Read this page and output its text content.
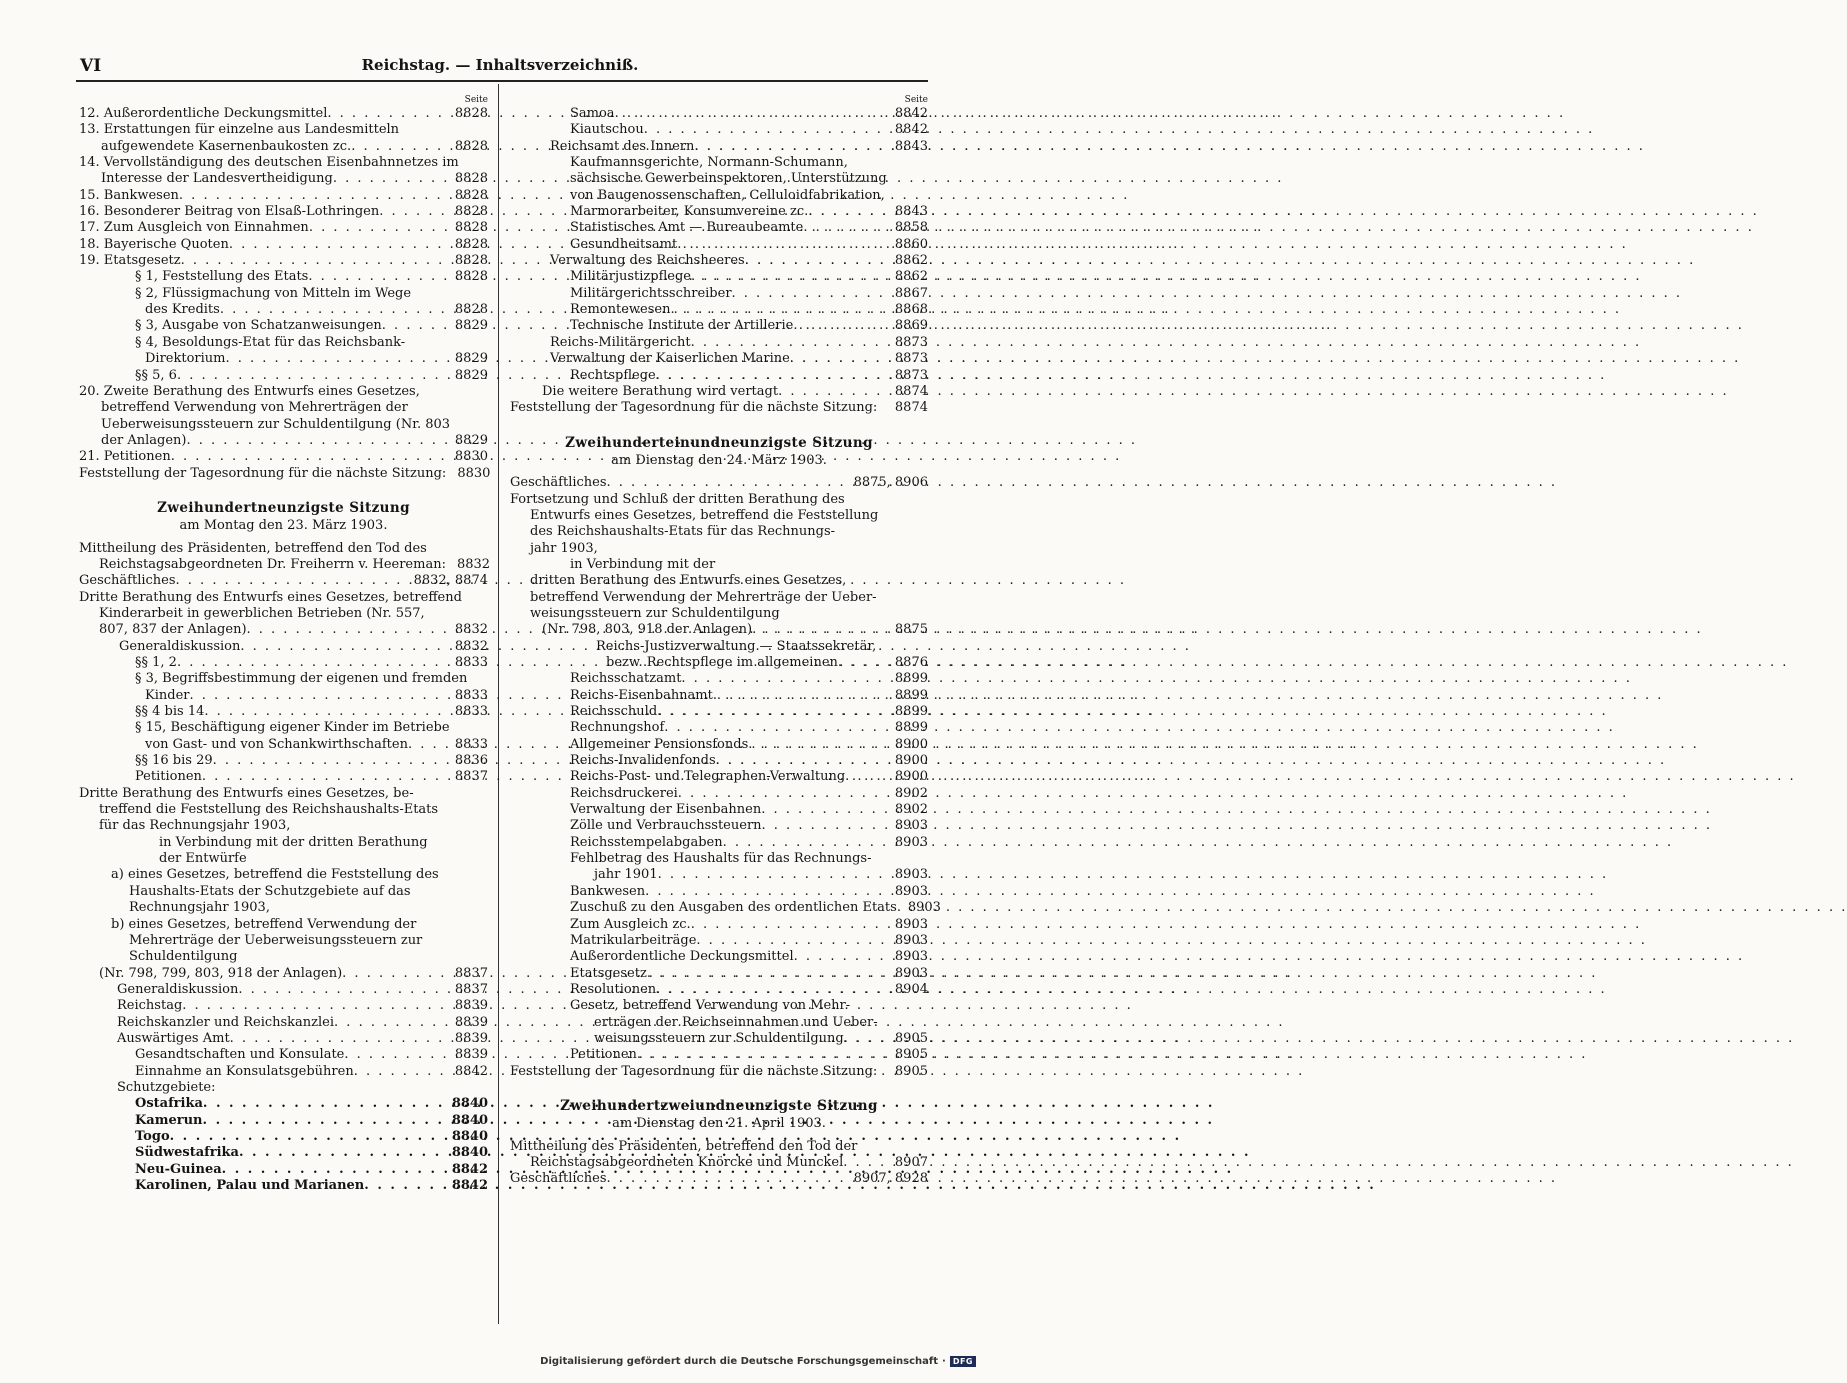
VI	Reichstag. — Inhaltsverzeichniß.
Seite
12. Außerordentliche Deckungsmittel . . .	8828
13. Erstattungen für einzelne aus Landesmitteln
aufgewendete Kasernenbaukosten zc. . . .	8828
14. Vervollständigung des deutschen Eisenbahnnetzes im
Interesse der Landesvertheidigung . . .	8828
15. Bankwesen . . .	8828
16. Besonderer Beitrag von Elsaß-Lothringen . . .	8828
17. Zum Ausgleich von Einnahmen . . .	8828
18. Bayerische Quoten . . .	8828
19. Etatsgesetz . . .	8828
§ 1, Feststellung des Etats . . .	8828
§ 2, Flüssigmachung von Mitteln im Wege
des Kredits . . .	8828
§ 3, Ausgabe von Schatzanweisungen . . .	8829
§ 4, Besoldungs-Etat für das Reichsbank-
Direktorium . . .	8829
§§ 5, 6 . . .	8829
20. Zweite Berathung des Entwurfs eines Gesetzes,
betreffend Verwendung von Mehrerträgen der
Ueberweisungssteuern zur Schuldentilgung (Nr. 803
der Anlagen) . . .	8829
21. Petitionen . . .	8830
Feststellung der Tagesordnung für die nächste Sitzung: 8830
Zweihundertneunzigste Sitzung
am Montag den 23. März 1903.
Mittheilung des Präsidenten, betreffend den Tod des
Reichstagsabgeordneten Dr. Freiherrn v. Heereman: 8832
Geschäftliches . . .	8832, 8874
Dritte Berathung des Entwurfs eines Gesetzes, betreffend
Kinderarbeit in gewerblichen Betrieben (Nr. 557,
807, 837 der Anlagen) . . .	8832
Generaldiskussion . . .	8832
§§ 1, 2 . . .	8833
§ 3, Begriffsbestimmung der eigenen und fremden
Kinder . . .	8833
§§ 4 bis 14 . . .	8833
§ 15, Beschäftigung eigener Kinder im Betriebe
von Gast- und von Schankwirthschaften . . .	8833
§§ 16 bis 29 . . .	8836
Petitionen . . .	8837
Dritte Berathung des Entwurfs eines Gesetzes, be-
treffend die Feststellung des Reichshaushalts-Etats
für das Rechnungsjahr 1903,
in Verbindung mit der dritten Berathung
der Entwürfe
a) eines Gesetzes, betreffend die Feststellung des
Haushalts-Etats der Schutzgebiete auf das
Rechnungsjahr 1903,
b) eines Gesetzes, betreffend Verwendung der
Mehrerträge der Ueberweisungssteuern zur
Schuldentilgung
(Nr. 798, 799, 803, 918 der Anlagen) . . .	8837
Generaldiskussion . . .	8837
Reichstag . . .	8839
Reichskanzler und Reichskanzlei . . .	8839
Auswärtiges Amt . . .	8839
Gesandtschaften und Konsulate . . .	8839
Einnahme an Konsulatsgebühren . . .	8842
Schutzgebiete:
Ostafrika . . .	8840
Kamerun . . .	8840
Togo . . .	8840
Südwestafrika . . .	8840
Neu-Guinea . . .	8842
Karolinen, Palau und Marianen . . .	8842
Seite
Samoa . . .	8842
Kiautschou . . .	8842
Reichsamt des Innern . . .	8843
Kaufmannsgerichte, Normann-Schumann,
sächsische Gewerbeinspektoren, Unterstützung
von Baugenossenschaften, Celluloidfabrikation,
Marmorarbeiter, Konsumvereine zc. . . .	8843
Statistisches Amt — Bureaubeamte . . .	8858
Gesundheitsamt . . .	8860
Verwaltung des Reichsheeres . . .	8862
Militärjustizpflege . . .	8862
Militärgerichtsschreiber . . .	8867
Remontewesen . . .	8868
Technische Institute der Artillerie . . .	8869
Reichs-Militärgericht . . .	8873
Verwaltung der Kaiserlichen Marine . . .	8873
Rechtspflege . . .	8873
Die weitere Berathung wird vertagt . . .	8874
Feststellung der Tagesordnung für die nächste Sitzung: 8874
Zweihunderteinundneunzigste Sitzung
am Dienstag den 24. März 1903.
Geschäftliches . . .	8875, 8906
Fortsetzung und Schluß der dritten Berathung des
Entwurfs eines Gesetzes, betreffend die Feststellung
des Reichshaushalts-Etats für das Rechnungs-
jahr 1903,
in Verbindung mit der
dritten Berathung des Entwurfs eines Gesetzes,
betreffend Verwendung der Mehrerträge der Ueber-
weisungssteuern zur Schuldentilgung
(Nr. 798, 803, 918 der Anlagen) . . .	8875
Reichs-Justizverwaltung — Staatssekretär,
bezw. Rechtspflege im allgemeinen . . .	8876
Reichsschatzamt . . .	8899
Reichs-Eisenbahnamt . . .	8899
Reichsschuld . . .	8899
Rechnungshof . . .	8899
Allgemeiner Pensionsfonds . . .	8900
Reichs-Invalidenfonds . . .	8900
Reichs-Post- und Telegraphen-Verwaltung . . .	8900
Reichsdruckerei . . .	8902
Verwaltung der Eisenbahnen . . .	8902
Zölle und Verbrauchssteuern . . .	8903
Reichsstempelabgaben . . .	8903
Fehlbetrag des Haushalts für das Rechnungs-
jahr 1901 . . .	8903
Bankwesen . . .	8903
Zuschuß zu den Ausgaben des ordentlichen Etats . . . 8903
Zum Ausgleich zc. . . .	8903
Matrikularbeiträge . . .	8903
Außerordentliche Deckungsmittel . . .	8903
Etatsgesetz . . .	8903
Resolutionen . . .	8904
Gesetz, betreffend Verwendung von Mehr-
erträgen der Reichseinnahmen und Ueber-
weisungssteuern zur Schuldentilgung . . .	8905
Petitionen . . .	8905
Feststellung der Tagesordnung für die nächste Sitzung: 8905
Zweihundertzweiundneunzigste Sitzung
am Dienstag den 21. April 1903.
Mittheilung des Präsidenten, betreffend den Tod der
Reichstagsabgeordneten Knörcke und Munckel . . .	8907
Geschäftliches . . .	8907, 8928
Digitalisierung gefördert durch die Deutsche Forschungsgemeinschaft · DFG
